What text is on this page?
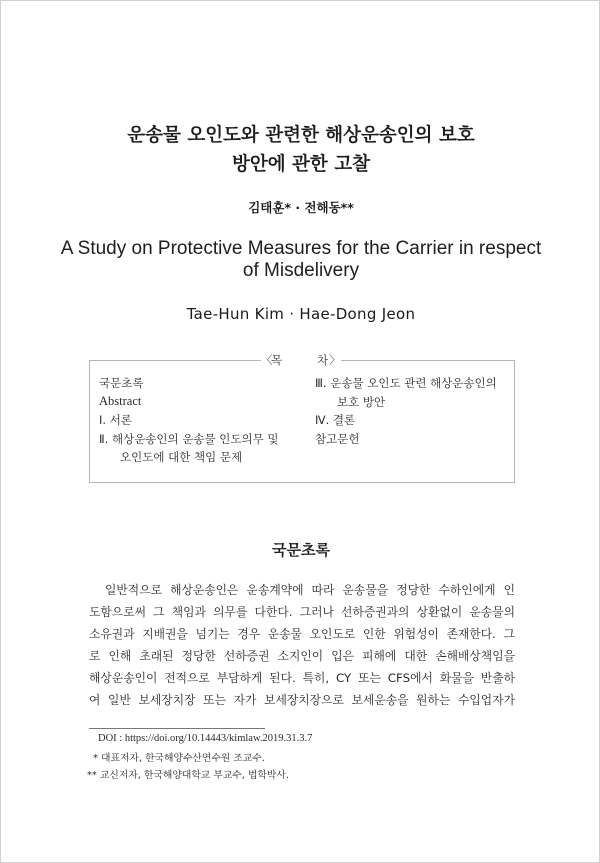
운송물 오인도와 관련한 해상운송인의 보호
방안에 관한 고찰
김태훈* · 전해동**
A Study on Protective Measures for the Carrier in respect
of Misdelivery
Tae-Hun Kim · Hae-Dong Jeon
〈
목	차 〉
국문초록
Abstract
Ⅰ. 서론
Ⅱ. 해상운송인의 운송물 인도의무 및
오인도에 대한 책임 문제
Ⅲ. 운송물 오인도 관련 해상운송인의
보호 방안
Ⅳ. 결론
참고문헌
국문초록
일반적으로 해상운송인은 운송계약에 따라 운송물을 정당한 수하인에게 인
도함으로써 그 책임과 의무를 다한다. 그러나 선하증권과의 상환없이 운송물의
소유권과 지배권을 넘기는 경우 운송물 오인도로 인한 위험성이 존재한다. 그
로 인해 초래된 정당한 선하증권 소지인이 입은 피해에 대한 손해배상책임을
해상운송인이 전적으로 부담하게 된다. 특히, CY 또는 CFS에서 화물을 반출하
여 일반 보세장치장 또는 자가 보세장치장으로 보세운송을 원하는 수입업자가
DOI : https://doi.org/10.14443/kimlaw.2019.31.3.7
* 대표저자, 한국해양수산연수원 조교수.
** 교신저자, 한국해양대학교 부교수, 법학박사.
